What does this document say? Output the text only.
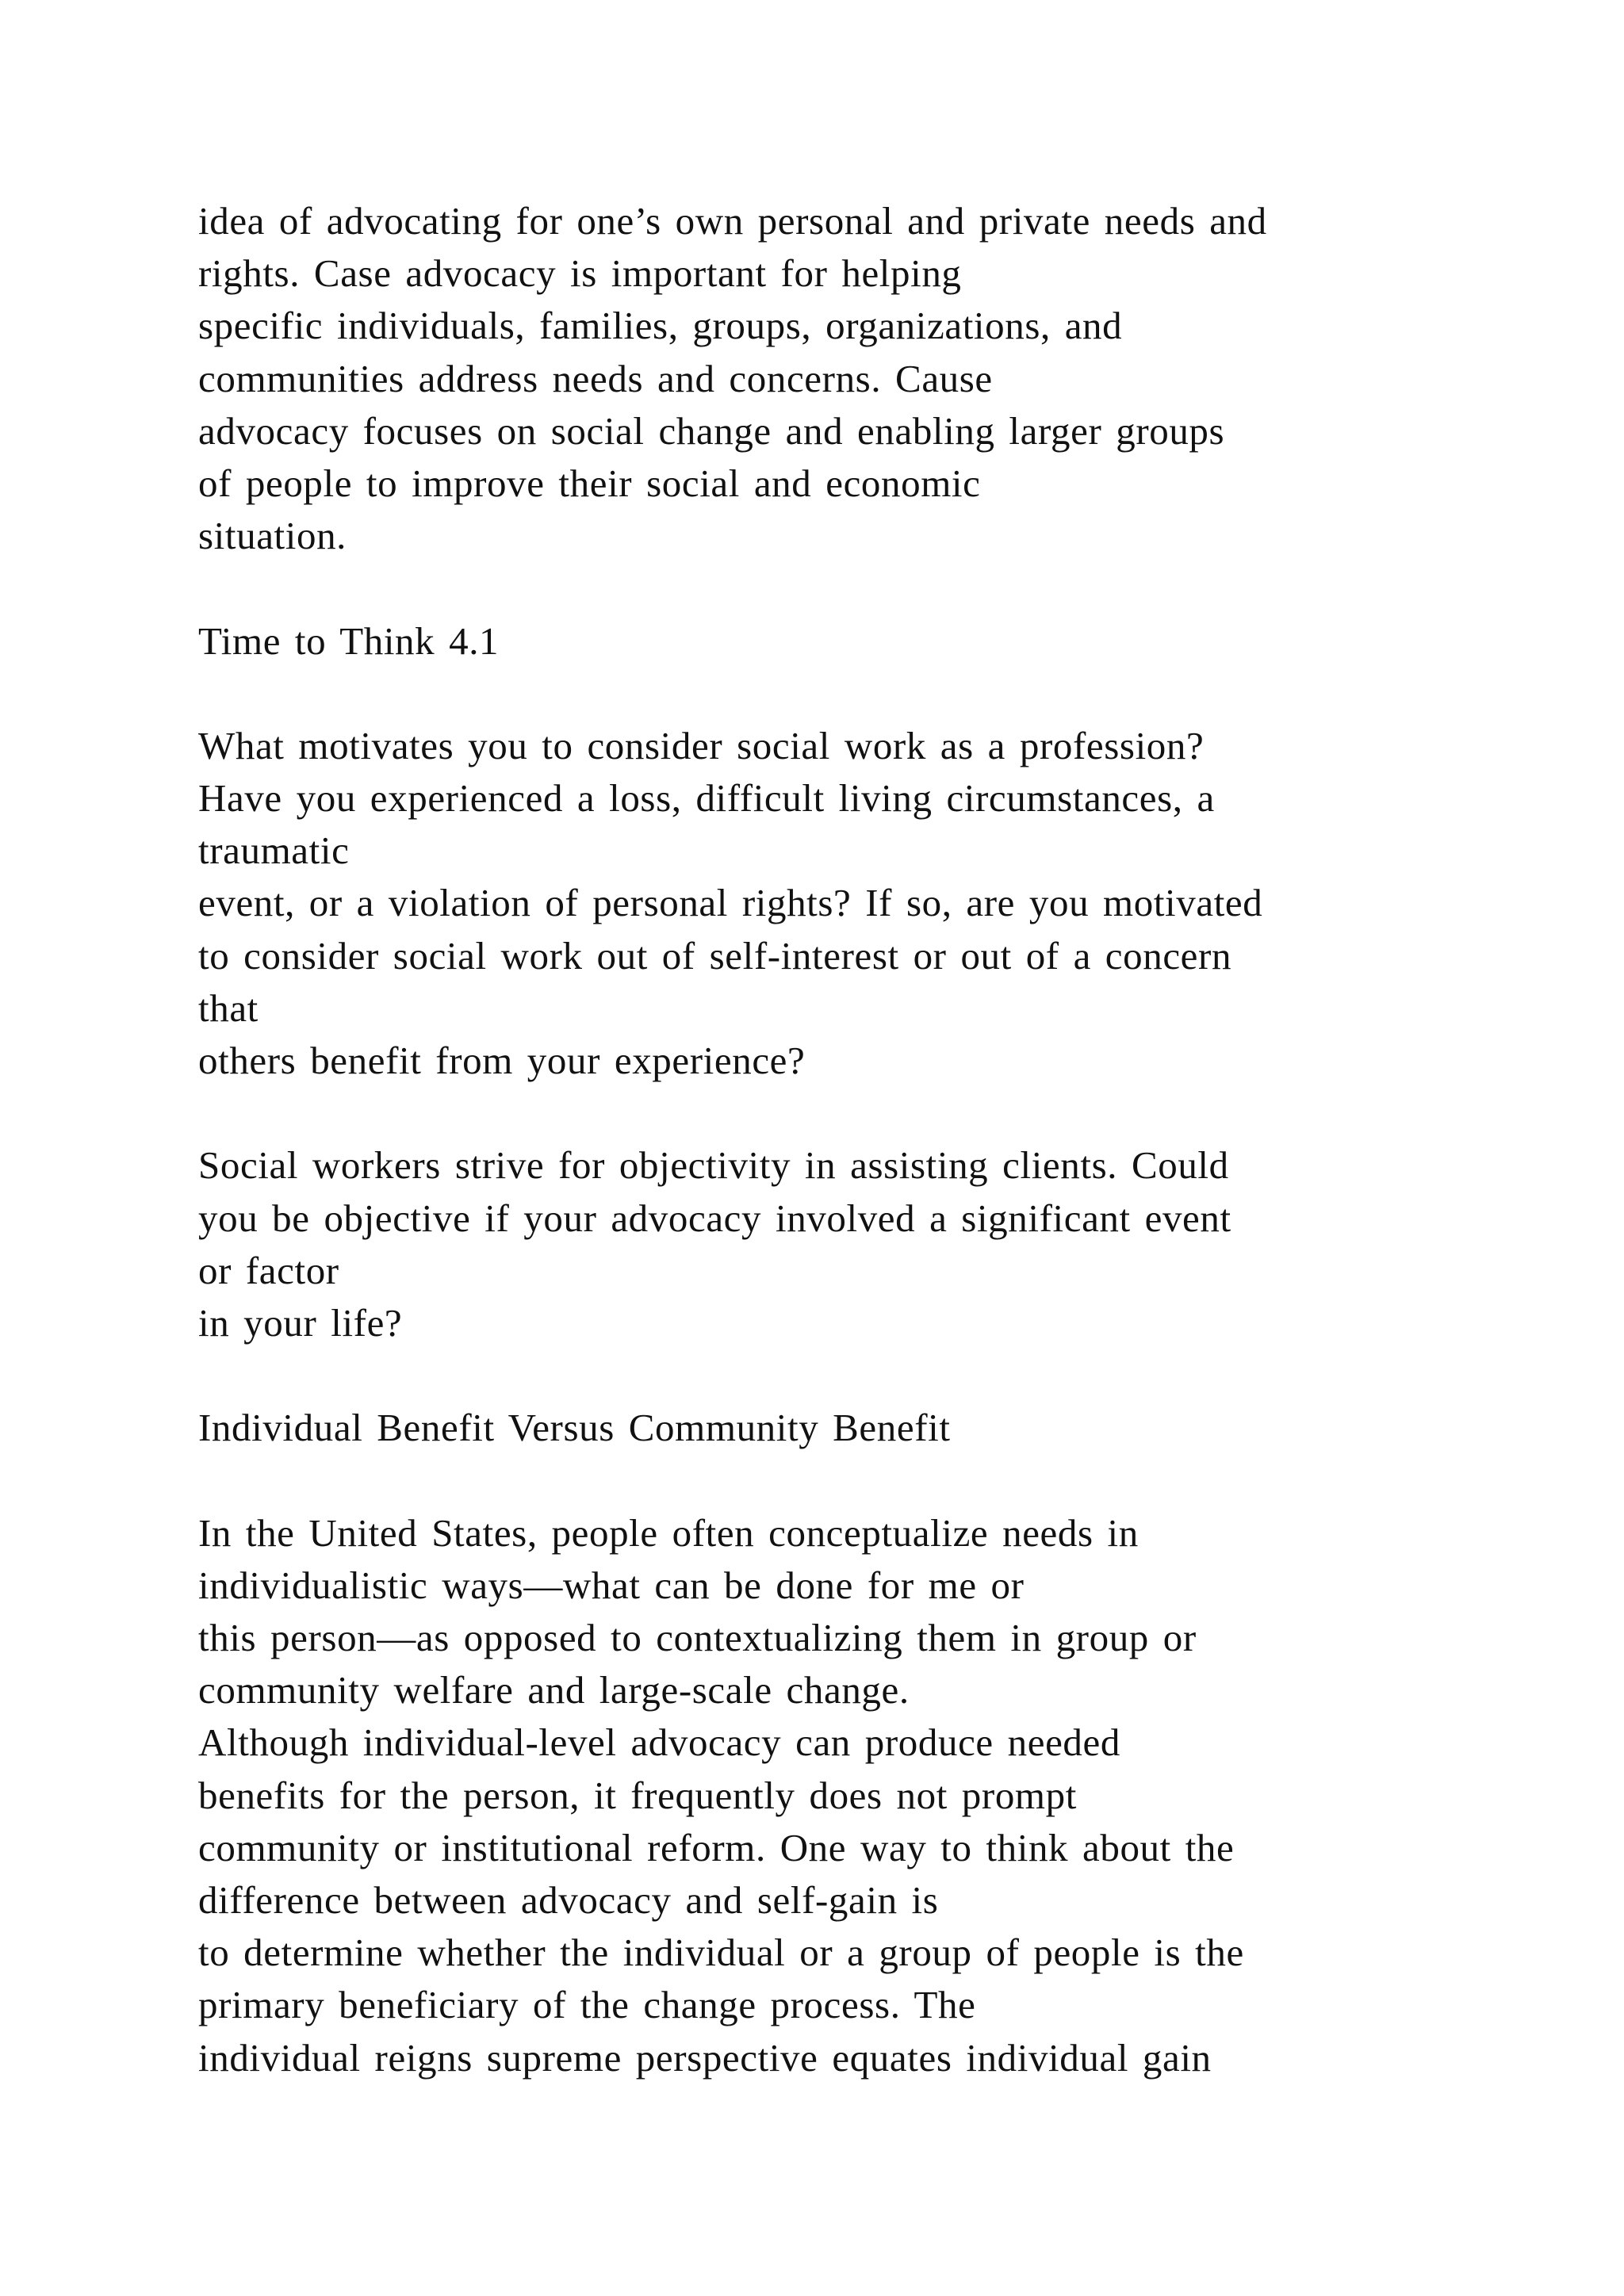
idea of advocating for one’s own personal and private needs and
rights. Case advocacy is important for helping
specific individuals, families, groups, organizations, and
communities address needs and concerns. Cause
advocacy focuses on social change and enabling larger groups
of people to improve their social and economic
situation.
Time to Think 4.1
What motivates you to consider social work as a profession?
Have you experienced a loss, difficult living circumstances, a
traumatic
event, or a violation of personal rights? If so, are you motivated
to consider social work out of self-interest or out of a concern
that
others benefit from your experience?
Social workers strive for objectivity in assisting clients. Could
you be objective if your advocacy involved a significant event
or factor
in your life?
Individual Benefit Versus Community Benefit
In the United States, people often conceptualize needs in
individualistic ways—what can be done for me or
this person—as opposed to contextualizing them in group or
community welfare and large-scale change.
Although individual-level advocacy can produce needed
benefits for the person, it frequently does not prompt
community or institutional reform. One way to think about the
difference between advocacy and self-gain is
to determine whether the individual or a group of people is the
primary beneficiary of the change process. The
individual reigns supreme perspective equates individual gain
